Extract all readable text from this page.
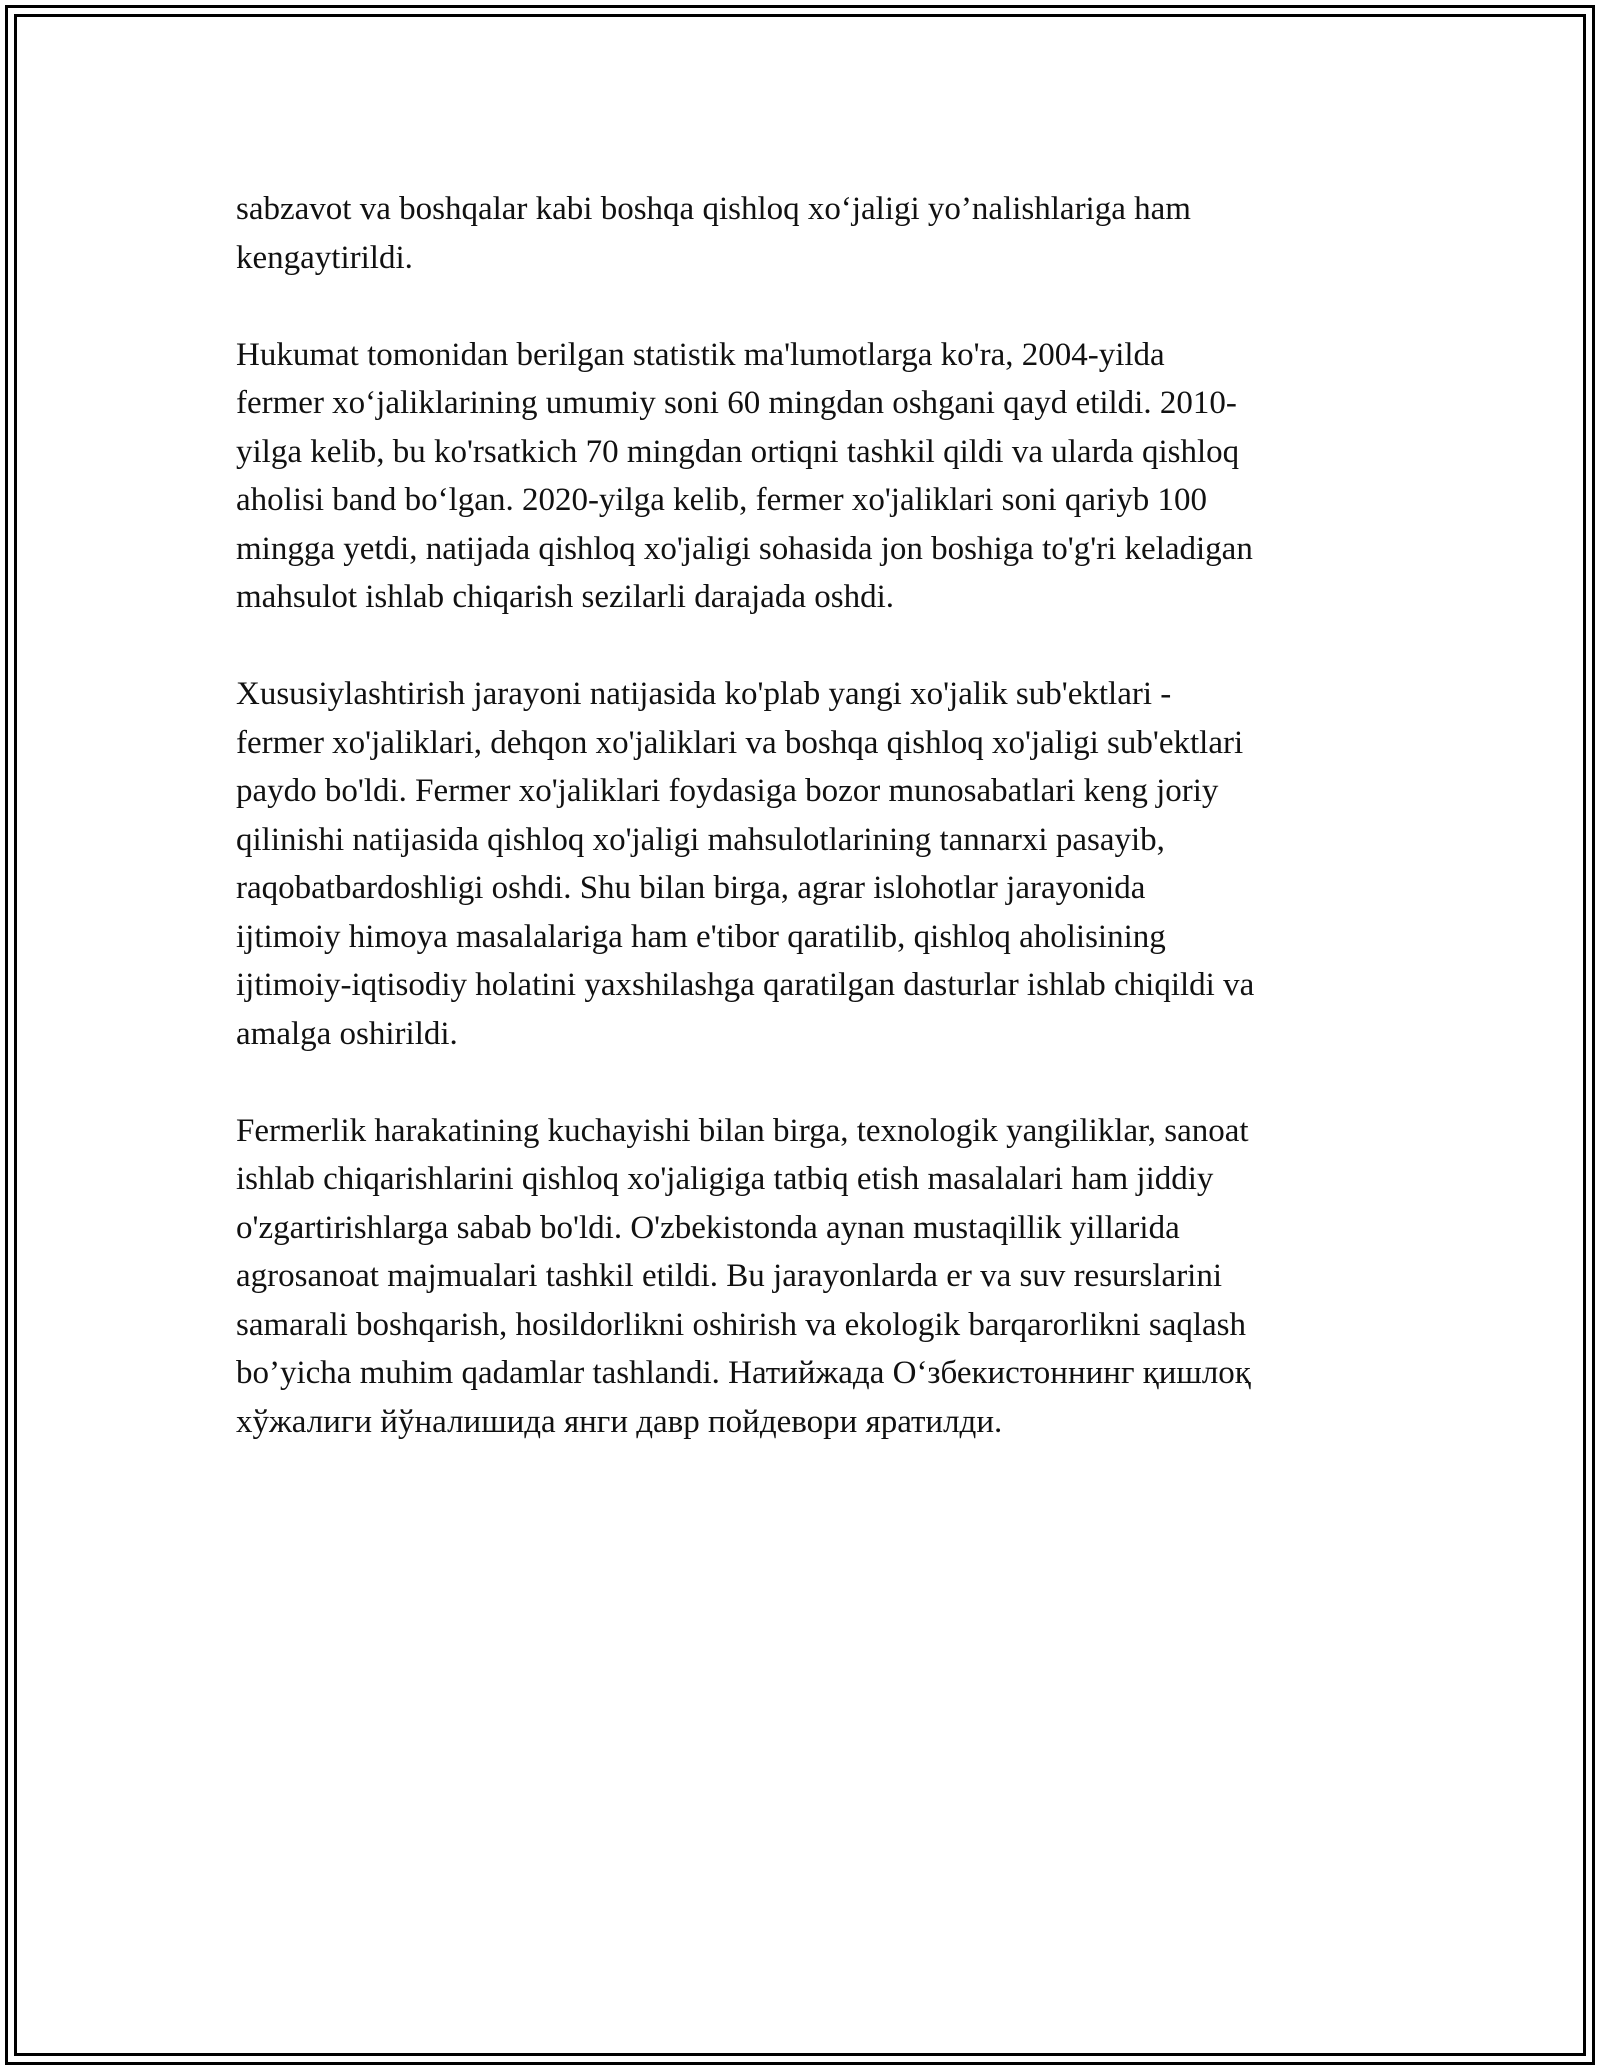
sabzavot va boshqalar kabi boshqa qishloq xo‘jaligi yo’nalishlariga ham
kengaytirildi.

Hukumat tomonidan berilgan statistik ma'lumotlarga ko'ra, 2004-yilda
fermer xo‘jaliklarining umumiy soni 60 mingdan oshgani qayd etildi. 2010-
yilga kelib, bu ko'rsatkich 70 mingdan ortiqni tashkil qildi va ularda qishloq
aholisi band bo‘lgan. 2020-yilga kelib, fermer xo'jaliklari soni qariyb 100
mingga yetdi, natijada qishloq xo'jaligi sohasida jon boshiga to'g'ri keladigan
mahsulot ishlab chiqarish sezilarli darajada oshdi.

Xususiylashtirish jarayoni natijasida ko'plab yangi xo'jalik sub'ektlari -
fermer xo'jaliklari, dehqon xo'jaliklari va boshqa qishloq xo'jaligi sub'ektlari
paydo bo'ldi. Fermer xo'jaliklari foydasiga bozor munosabatlari keng joriy
qilinishi natijasida qishloq xo'jaligi mahsulotlarining tannarxi pasayib,
raqobatbardoshligi oshdi. Shu bilan birga, agrar islohotlar jarayonida
ijtimoiy himoya masalalariga ham e'tibor qaratilib, qishloq aholisining
ijtimoiy-iqtisodiy holatini yaxshilashga qaratilgan dasturlar ishlab chiqildi va
amalga oshirildi.

Fermerlik harakatining kuchayishi bilan birga, texnologik yangiliklar, sanoat
ishlab chiqarishlarini qishloq xo'jaligiga tatbiq etish masalalari ham jiddiy
o'zgartirishlarga sabab bo'ldi. O'zbekistonda aynan mustaqillik yillarida
agrosanoat majmualari tashkil etildi. Bu jarayonlarda er va suv resurslarini
samarali boshqarish, hosildorlikni oshirish va ekologik barqarorlikni saqlash
bo’yicha muhim qadamlar tashlandi. Натийжада Oʻзбекистоннинг қишлоқ
хўжалиги йўналишида янги давр пойдевори яратилди.
